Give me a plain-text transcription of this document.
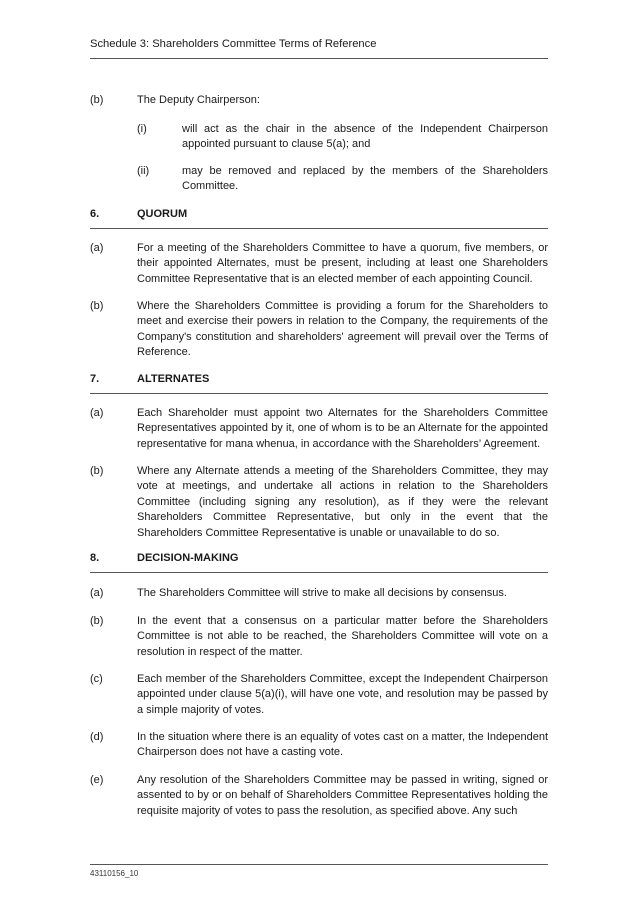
Schedule 3: Shareholders Committee Terms of Reference
(b)	The Deputy Chairperson:
(i)	will act as the chair in the absence of the Independent Chairperson appointed pursuant to clause 5(a); and
(ii)	may be removed and replaced by the members of the Shareholders Committee.
6.	QUORUM
(a)	For a meeting of the Shareholders Committee to have a quorum, five members, or their appointed Alternates, must be present, including at least one Shareholders Committee Representative that is an elected member of each appointing Council.
(b)	Where the Shareholders Committee is providing a forum for the Shareholders to meet and exercise their powers in relation to the Company, the requirements of the Company's constitution and shareholders' agreement will prevail over the Terms of Reference.
7.	ALTERNATES
(a)	Each Shareholder must appoint two Alternates for the Shareholders Committee Representatives appointed by it, one of whom is to be an Alternate for the appointed representative for mana whenua, in accordance with the Shareholders’ Agreement.
(b)	Where any Alternate attends a meeting of the Shareholders Committee, they may vote at meetings, and undertake all actions in relation to the Shareholders Committee (including signing any resolution), as if they were the relevant Shareholders Committee Representative, but only in the event that the Shareholders Committee Representative is unable or unavailable to do so.
8.	DECISION-MAKING
(a)	The Shareholders Committee will strive to make all decisions by consensus.
(b)	In the event that a consensus on a particular matter before the Shareholders Committee is not able to be reached, the Shareholders Committee will vote on a resolution in respect of the matter.
(c)	Each member of the Shareholders Committee, except the Independent Chairperson appointed under clause 5(a)(i), will have one vote, and resolution may be passed by a simple majority of votes.
(d)	In the situation where there is an equality of votes cast on a matter, the Independent Chairperson does not have a casting vote.
(e)	Any resolution of the Shareholders Committee may be passed in writing, signed or assented to by or on behalf of Shareholders Committee Representatives holding the requisite majority of votes to pass the resolution, as specified above. Any such
43110156_10
